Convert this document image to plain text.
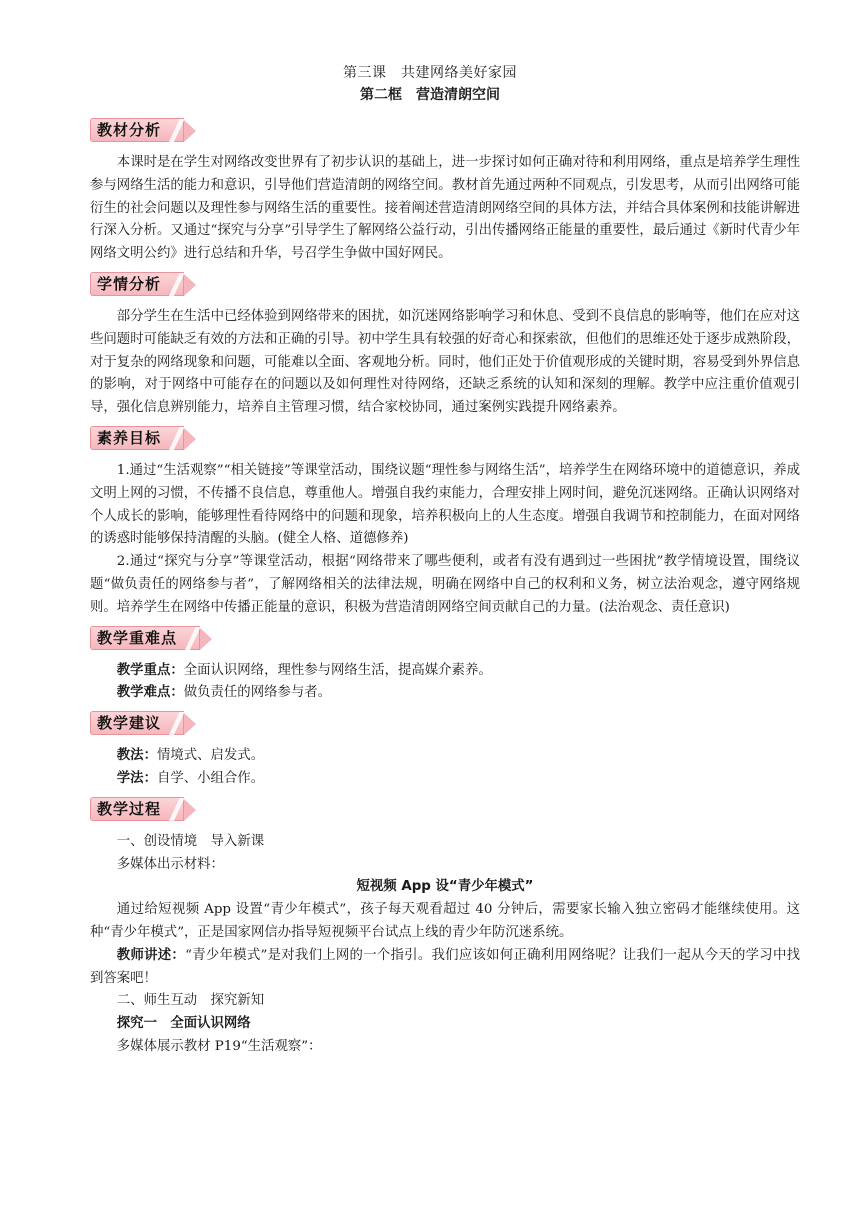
第三课　共建网络美好家园
第二框　营造清朗空间
教材分析

本课时是在学生对网络改变世界有了初步认识的基础上，进一步探讨如何正确对待和利用网络，重点是培养学生理性参与网络生活的能力和意识，引导他们营造清朗的网络空间。教材首先通过两种不同观点，引发思考，从而引出网络可能衍生的社会问题以及理性参与网络生活的重要性。接着阐述营造清朗网络空间的具体方法，并结合具体案例和技能讲解进行深入分析。又通过“探究与分享”引导学生了解网络公益行动，引出传播网络正能量的重要性，最后通过《新时代青少年网络文明公约》进行总结和升华，号召学生争做中国好网民。

学情分析

部分学生在生活中已经体验到网络带来的困扰，如沉迷网络影响学习和休息、受到不良信息的影响等，他们在应对这些问题时可能缺乏有效的方法和正确的引导。初中学生具有较强的好奇心和探索欲，但他们的思维还处于逐步成熟阶段，对于复杂的网络现象和问题，可能难以全面、客观地分析。同时，他们正处于价值观形成的关键时期，容易受到外界信息的影响，对于网络中可能存在的问题以及如何理性对待网络，还缺乏系统的认知和深刻的理解。教学中应注重价值观引导，强化信息辨别能力，培养自主管理习惯，结合家校协同，通过案例实践提升网络素养。

素养目标

1.通过“生活观察”“相关链接”等课堂活动，围绕议题“理性参与网络生活”，培养学生在网络环境中的道德意识，养成文明上网的习惯，不传播不良信息，尊重他人。增强自我约束能力，合理安排上网时间，避免沉迷网络。正确认识网络对个人成长的影响，能够理性看待网络中的问题和现象，培养积极向上的人生态度。增强自我调节和控制能力，在面对网络的诱惑时能够保持清醒的头脑。(健全人格、道德修养)

2.通过“探究与分享”等课堂活动，根据“网络带来了哪些便利，或者有没有遇到过一些困扰”教学情境设置，围绕议题“做负责任的网络参与者”，了解网络相关的法律法规，明确在网络中自己的权利和义务，树立法治观念，遵守网络规则。培养学生在网络中传播正能量的意识，积极为营造清朗网络空间贡献自己的力量。(法治观念、责任意识)

教学重难点

教学重点：全面认识网络，理性参与网络生活，提高媒介素养。

教学难点：做负责任的网络参与者。

教学建议

教法：情境式、启发式。

学法：自学、小组合作。

教学过程

一、创设情境　导入新课

多媒体出示材料：

短视频 App 设“青少年模式”

通过给短视频 App 设置“青少年模式”，孩子每天观看超过 40 分钟后，需要家长输入独立密码才能继续使用。这种“青少年模式”，正是国家网信办指导短视频平台试点上线的青少年防沉迷系统。

教师讲述：“青少年模式”是对我们上网的一个指引。我们应该如何正确利用网络呢？让我们一起从今天的学习中找到答案吧！

二、师生互动　探究新知

探究一　全面认识网络

多媒体展示教材 P19“生活观察”：
